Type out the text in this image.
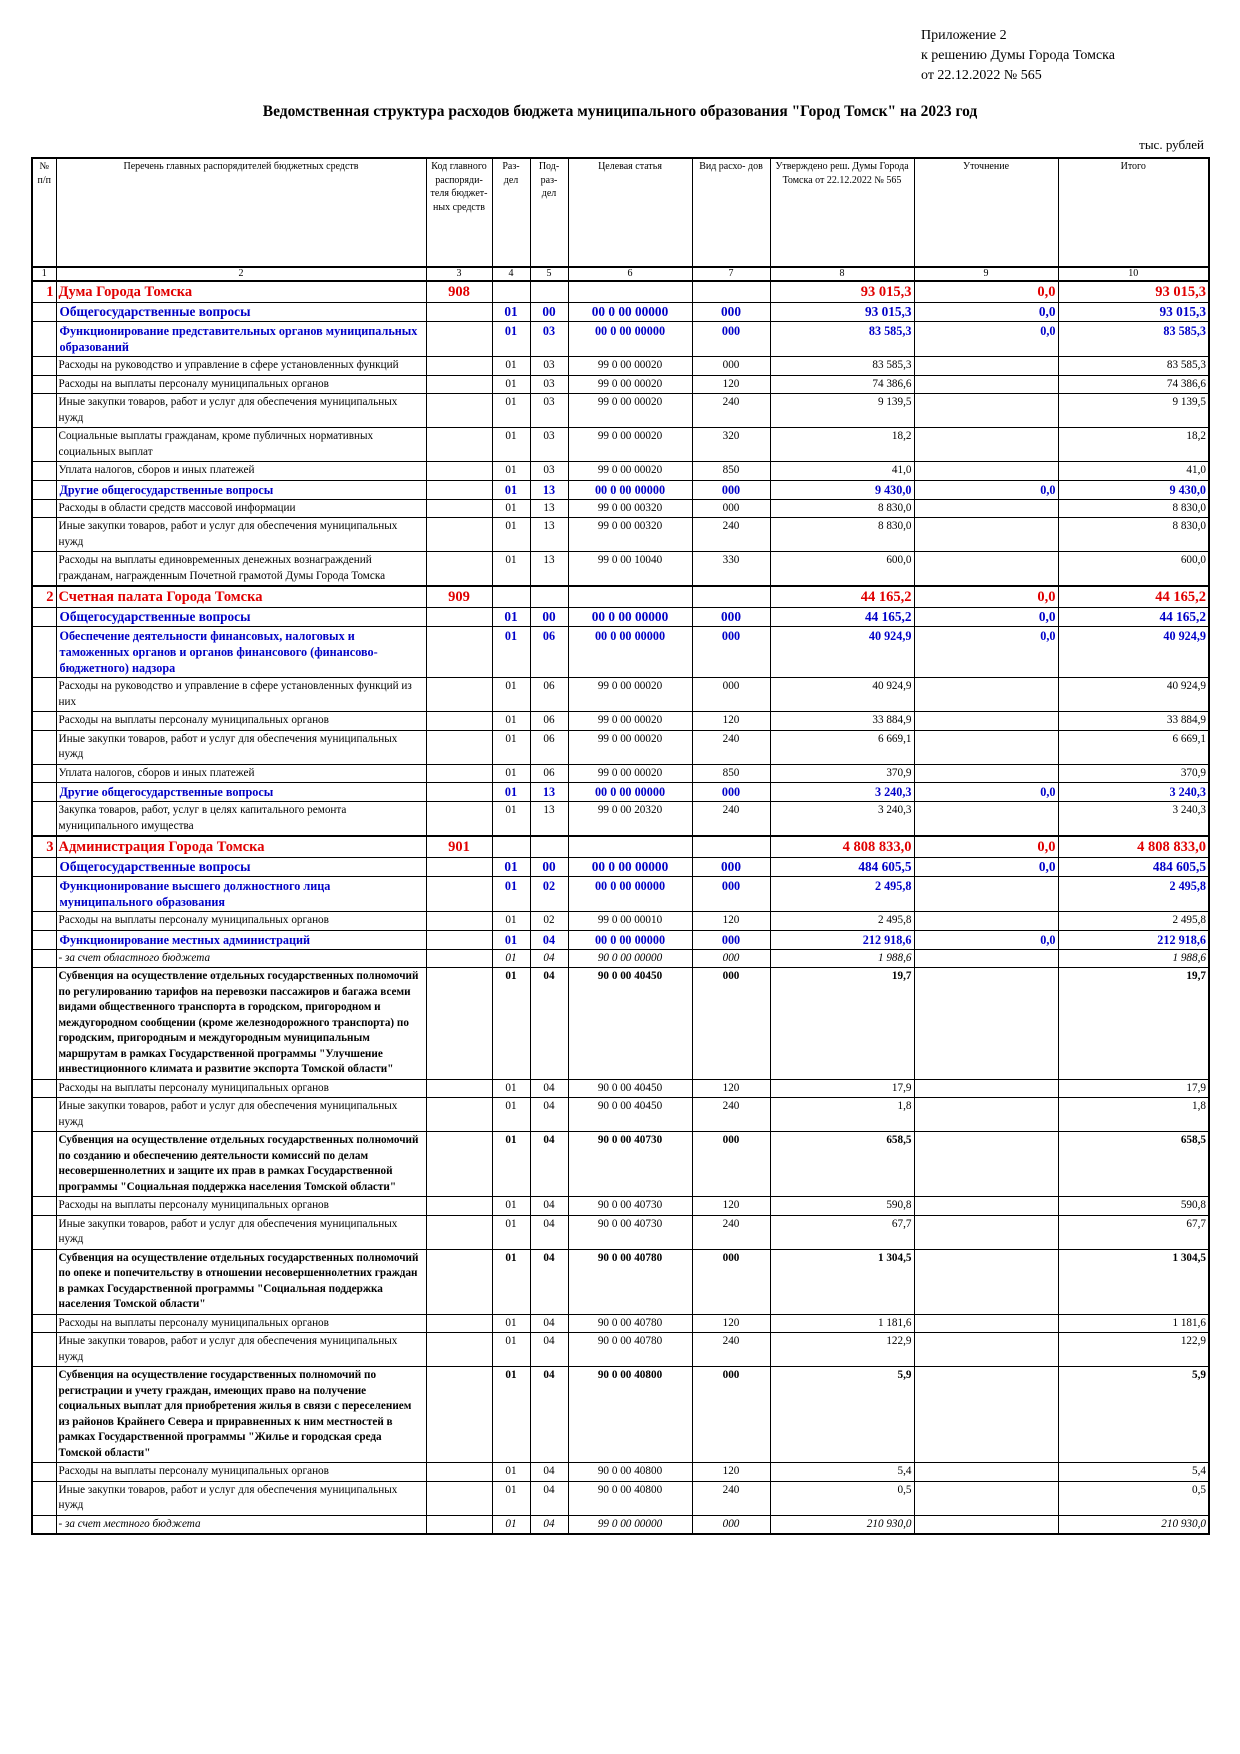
Приложение 2
к решению Думы Города Томска
от 22.12.2022 № 565
Ведомственная структура расходов бюджета муниципального образования "Город Томск" на 2023 год
тыс. рублей
№ п/п	Перечень главных распорядителей бюджетных средств	Код главного распоряди- теля бюджет- ных средств	Раз- дел	Под- раз- дел	Целевая статья	Вид расхо- дов	Утверждено реш. Думы Города Томска от 22.12.2022 № 565	Уточнение	Итого
1	2	3	4	5	6	7	8	9	10
1	Дума Города Томска	908					93 015,3	0,0	93 015,3
	Общегосударственные вопросы		01	00	00 0 00 00000	000	93 015,3	0,0	93 015,3
	Функционирование представительных органов муниципальных образований		01	03	00 0 00 00000	000	83 585,3	0,0	83 585,3
	Расходы на руководство и управление в сфере установленных функций		01	03	99 0 00 00020	000	83 585,3		83 585,3
	Расходы на выплаты персоналу муниципальных органов		01	03	99 0 00 00020	120	74 386,6		74 386,6
	Иные закупки товаров, работ и услуг для обеспечения муниципальных нужд		01	03	99 0 00 00020	240	9 139,5		9 139,5
	Социальные выплаты гражданам, кроме публичных нормативных социальных выплат		01	03	99 0 00 00020	320	18,2		18,2
	Уплата налогов, сборов и иных платежей		01	03	99 0 00 00020	850	41,0		41,0
	Другие общегосударственные вопросы		01	13	00 0 00 00000	000	9 430,0	0,0	9 430,0
	Расходы в области средств массовой информации		01	13	99 0 00 00320	000	8 830,0		8 830,0
	Иные закупки товаров, работ и услуг для обеспечения муниципальных нужд		01	13	99 0 00 00320	240	8 830,0		8 830,0
	Расходы на выплаты единовременных денежных вознаграждений гражданам, награжденным Почетной грамотой Думы Города Томска		01	13	99 0 00 10040	330	600,0		600,0
2	Счетная палата Города Томска	909					44 165,2	0,0	44 165,2
	Общегосударственные вопросы		01	00	00 0 00 00000	000	44 165,2	0,0	44 165,2
	Обеспечение деятельности финансовых, налоговых и таможенных органов и органов финансового (финансово-бюджетного) надзора		01	06	00 0 00 00000	000	40 924,9	0,0	40 924,9
	Расходы на руководство и управление в сфере установленных функций из них		01	06	99 0 00 00020	000	40 924,9		40 924,9
	Расходы на выплаты персоналу муниципальных органов		01	06	99 0 00 00020	120	33 884,9		33 884,9
	Иные закупки товаров, работ и услуг для обеспечения муниципальных нужд		01	06	99 0 00 00020	240	6 669,1		6 669,1
	Уплата налогов, сборов и иных платежей		01	06	99 0 00 00020	850	370,9		370,9
	Другие общегосударственные вопросы		01	13	00 0 00 00000	000	3 240,3	0,0	3 240,3
	Закупка товаров, работ, услуг в целях капитального ремонта муниципального имущества		01	13	99 0 00 20320	240	3 240,3		3 240,3
3	Администрация Города Томска	901					4 808 833,0	0,0	4 808 833,0
	Общегосударственные вопросы		01	00	00 0 00 00000	000	484 605,5	0,0	484 605,5
	Функционирование высшего должностного лица муниципального образования		01	02	00 0 00 00000	000	2 495,8		2 495,8
	Расходы на выплаты персоналу муниципальных органов		01	02	99 0 00 00010	120	2 495,8		2 495,8
	Функционирование местных администраций		01	04	00 0 00 00000	000	212 918,6	0,0	212 918,6
	- за счет областного бюджета		01	04	90 0 00 00000	000	1 988,6		1 988,6
	Субвенция на осуществление отдельных государственных полномочий по регулированию тарифов на перевозки пассажиров и багажа всеми видами общественного транспорта в городском, пригородном и междугородном сообщении (кроме железнодорожного транспорта) по городским, пригородным и междугородным муниципальным маршрутам в рамках Государственной программы "Улучшение инвестиционного климата и развитие экспорта Томской области"		01	04	90 0 00 40450	000	19,7		19,7
	Расходы на выплаты персоналу муниципальных органов		01	04	90 0 00 40450	120	17,9		17,9
	Иные закупки товаров, работ и услуг для обеспечения муниципальных нужд		01	04	90 0 00 40450	240	1,8		1,8
	Субвенция на осуществление отдельных государственных полномочий по созданию и обеспечению деятельности комиссий по делам несовершеннолетних и защите их прав в рамках Государственной программы "Социальная поддержка населения Томской области"		01	04	90 0 00 40730	000	658,5		658,5
	Расходы на выплаты персоналу муниципальных органов		01	04	90 0 00 40730	120	590,8		590,8
	Иные закупки товаров, работ и услуг для обеспечения муниципальных нужд		01	04	90 0 00 40730	240	67,7		67,7
	Субвенция на осуществление отдельных государственных полномочий по опеке и попечительству в отношении несовершеннолетних граждан в рамках Государственной программы "Социальная поддержка населения Томской области"		01	04	90 0 00 40780	000	1 304,5		1 304,5
	Расходы на выплаты персоналу муниципальных органов		01	04	90 0 00 40780	120	1 181,6		1 181,6
	Иные закупки товаров, работ и услуг для обеспечения муниципальных нужд		01	04	90 0 00 40780	240	122,9		122,9
	Субвенция на осуществление государственных полномочий по регистрации и учету граждан, имеющих право на получение социальных выплат для приобретения жилья в связи с переселением из районов Крайнего Севера и приравненных к ним местностей в рамках Государственной программы "Жилье и городская среда Томской области"		01	04	90 0 00 40800	000	5,9		5,9
	Расходы на выплаты персоналу муниципальных органов		01	04	90 0 00 40800	120	5,4		5,4
	Иные закупки товаров, работ и услуг для обеспечения муниципальных нужд		01	04	90 0 00 40800	240	0,5		0,5
	- за счет местного бюджета		01	04	99 0 00 00000	000	210 930,0		210 930,0
